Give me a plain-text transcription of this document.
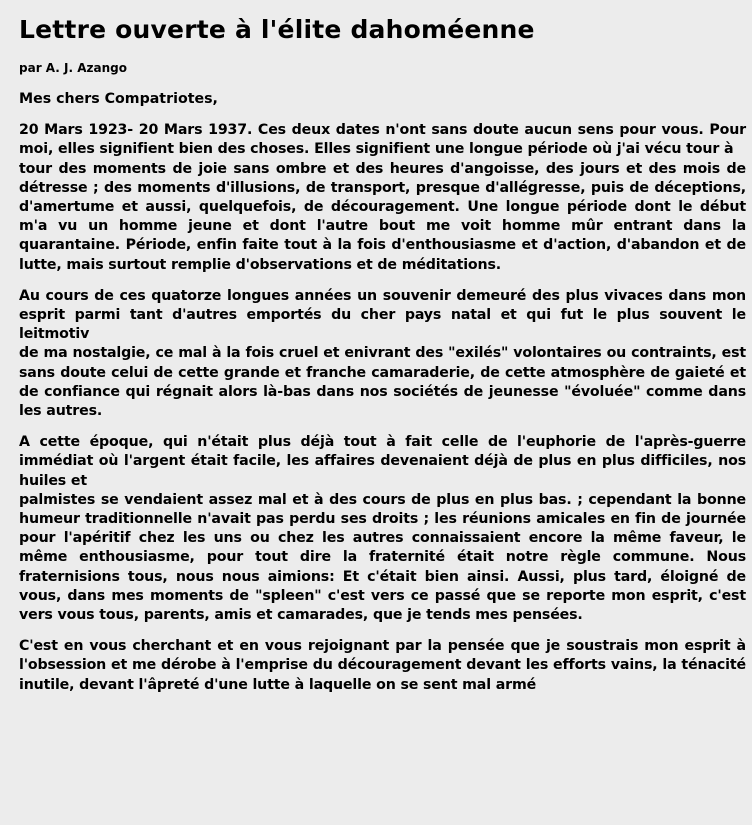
Lettre ouverte à l'élite dahoméenne
par A. J. Azango
Mes chers Compatriotes,

20 Mars 1923- 20 Mars 1937. Ces deux dates n'ont sans doute aucun sens pour vous. Pour moi, elles signifient bien des choses. Elles signifient une longue période où j'ai vécu tour à
tour des moments de joie sans ombre et des heures d'angoisse, des jours et des mois de détresse ; des moments d'illusions, de transport, presque d'allégresse, puis de déceptions, d'amertume et aussi, quelquefois, de découragement. Une longue période dont le début m'a vu un homme jeune et dont l'autre bout me voit homme mûr entrant dans la quarantaine. Période, enfin faite tout à la fois d'enthousiasme et d'action, d'abandon et de lutte, mais surtout remplie d'observations et de méditations.

Au cours de ces quatorze longues années un souvenir demeuré des plus vivaces dans mon esprit parmi tant d'autres emportés du cher pays natal et qui fut le plus souvent le leitmotiv
de ma nostalgie, ce mal à la fois cruel et enivrant des "exilés" volontaires ou contraints, est sans doute celui de cette grande et franche camaraderie, de cette atmosphère de gaieté et de confiance qui régnait alors là-bas dans nos sociétés de jeunesse "évoluée" comme dans les autres.

A cette époque, qui n'était plus déjà tout à fait celle de l'euphorie de l'après-guerre immédiat où l'argent était facile, les affaires devenaient déjà de plus en plus difficiles, nos huiles et
palmistes se vendaient assez mal et à des cours de plus en plus bas. ; cependant la bonne humeur traditionnelle n'avait pas perdu ses droits ; les réunions amicales en fin de journée pour l'apéritif chez les uns ou chez les autres connaissaient encore la même faveur, le même enthousiasme, pour tout dire la fraternité était notre règle commune. Nous fraternisions tous, nous nous aimions: Et c'était bien ainsi. Aussi, plus tard, éloigné de vous, dans mes moments de "spleen" c'est vers ce passé que se reporte mon esprit, c'est vers vous tous, parents, amis et camarades, que je tends mes pensées.

C'est en vous cherchant et en vous rejoignant par la pensée que je soustrais mon esprit à l'obsession et me dérobe à l'emprise du découragement devant les efforts vains, la ténacité inutile, devant l'âpreté d'une lutte à laquelle on se sent mal armé
